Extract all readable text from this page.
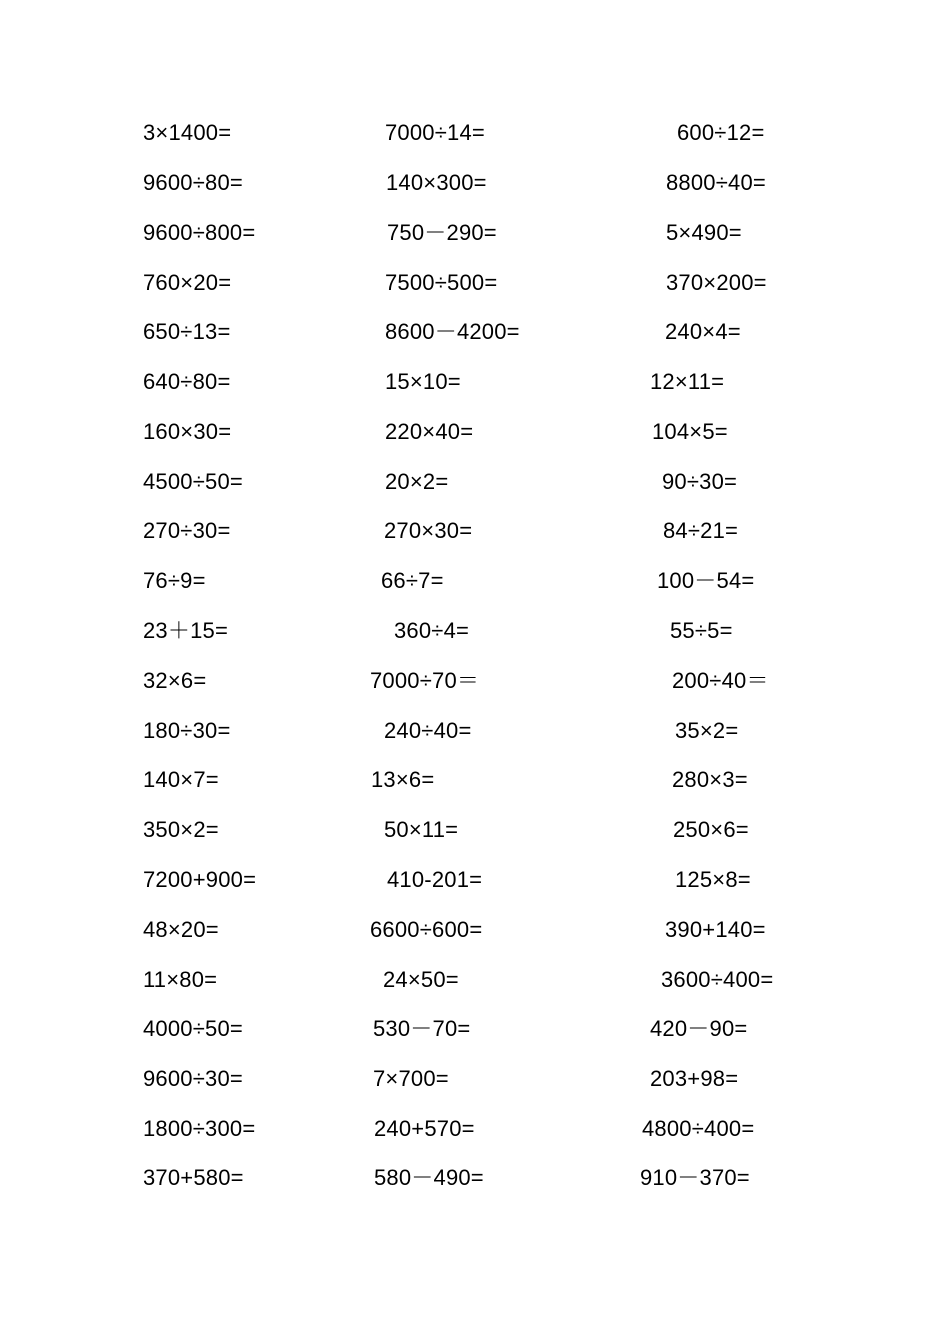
3×1400=	7000÷14=	600÷12=
9600÷80=	140×300=	8800÷40=
9600÷800=	750－290=	5×490=
760×20=	7500÷500=	370×200=
650÷13=	8600－4200=	240×4=
640÷80=	15×10=	12×11=
160×30=	220×40=	104×5=
4500÷50=	20×2=	90÷30=
270÷30=	270×30=	84÷21=
76÷9=	66÷7=	100－54=
23＋15=	360÷4=	55÷5=
32×6=	7000÷70＝	200÷40＝
180÷30=	240÷40=	35×2=
140×7=	13×6=	280×3=
350×2=	50×11=	250×6=
7200+900=	410-201=	125×8=
48×20=	6600÷600=	390+140=
11×80=	24×50=	3600÷400=
4000÷50=	530－70=	420－90=
9600÷30=	7×700=	203+98=
1800÷300=	240+570=	4800÷400=
370+580=	580－490=	910－370=
